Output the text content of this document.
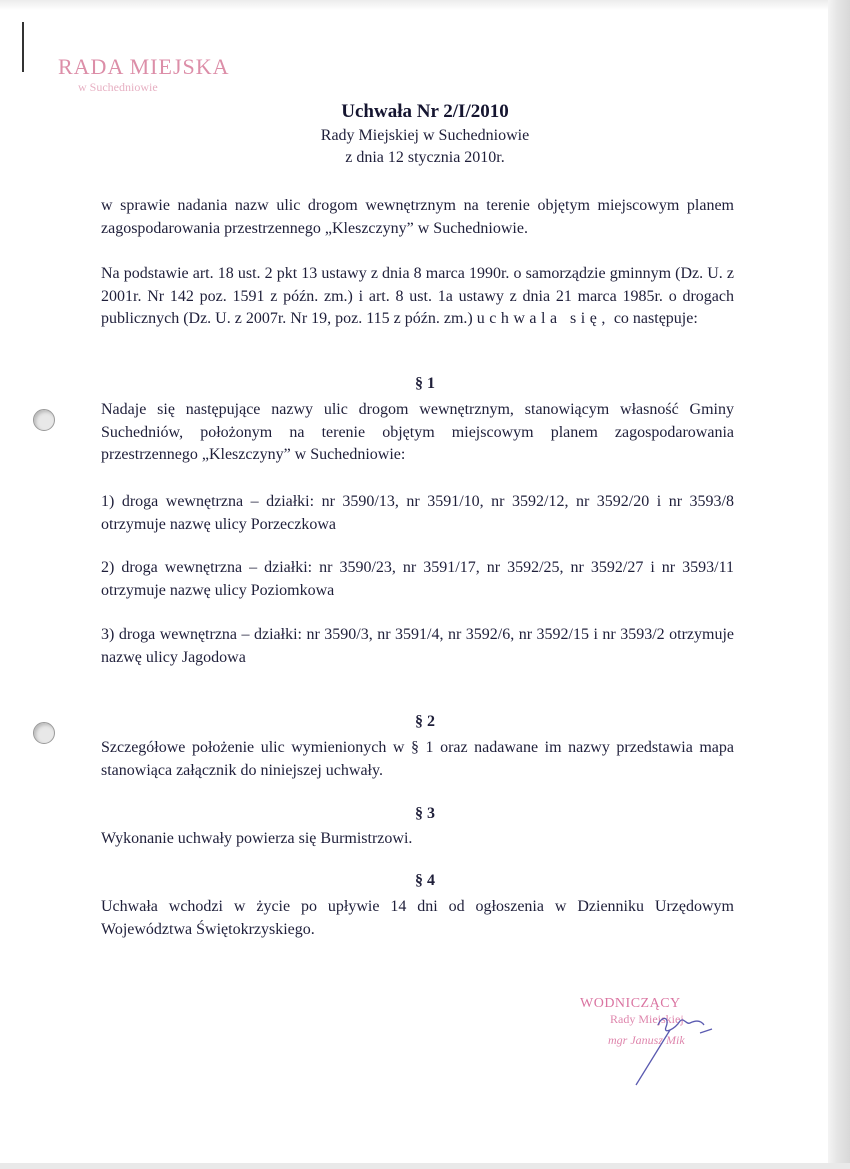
RADA MIEJSKA
w Suchedniowie
Uchwała Nr 2/I/2010
Rady Miejskiej w Suchedniowie
z dnia 12 stycznia 2010r.

w sprawie nadania nazw ulic drogom wewnętrznym na terenie objętym miejscowym planem zagospodarowania przestrzennego „Kleszczyny” w Suchedniowie.

Na podstawie art. 18 ust. 2 pkt 13 ustawy z dnia 8 marca 1990r. o samorządzie gminnym (Dz. U. z 2001r. Nr 142 poz. 1591 z późn. zm.) i art. 8 ust. 1a ustawy z dnia 21 marca 1985r. o drogach publicznych (Dz. U. z 2007r. Nr 19, poz. 115 z późn. zm.) uchwala się, co następuje:

§ 1

Nadaje się następujące nazwy ulic drogom wewnętrznym, stanowiącym własność Gminy Suchedniów, położonym na terenie objętym miejscowym planem zagospodarowania przestrzennego „Kleszczyny” w Suchedniowie:

1) droga wewnętrzna – działki: nr 3590/13, nr 3591/10, nr 3592/12, nr 3592/20 i nr 3593/8 otrzymuje nazwę ulicy Porzeczkowa

2) droga wewnętrzna – działki: nr 3590/23, nr 3591/17, nr 3592/25, nr 3592/27 i nr 3593/11 otrzymuje nazwę ulicy Poziomkowa

3) droga wewnętrzna – działki: nr 3590/3, nr 3591/4, nr 3592/6, nr 3592/15 i nr 3593/2 otrzymuje nazwę ulicy Jagodowa

§ 2

Szczegółowe położenie ulic wymienionych w § 1 oraz nadawane im nazwy przedstawia mapa stanowiąca załącznik do niniejszej uchwały.

§ 3

Wykonanie uchwały powierza się Burmistrzowi.

§ 4

Uchwała wchodzi w życie po upływie 14 dni od ogłoszenia w Dzienniku Urzędowym Województwa Świętokrzyskiego.

WODNICZĄCY
Rady Miejskiej
mgr Janusz Mik
